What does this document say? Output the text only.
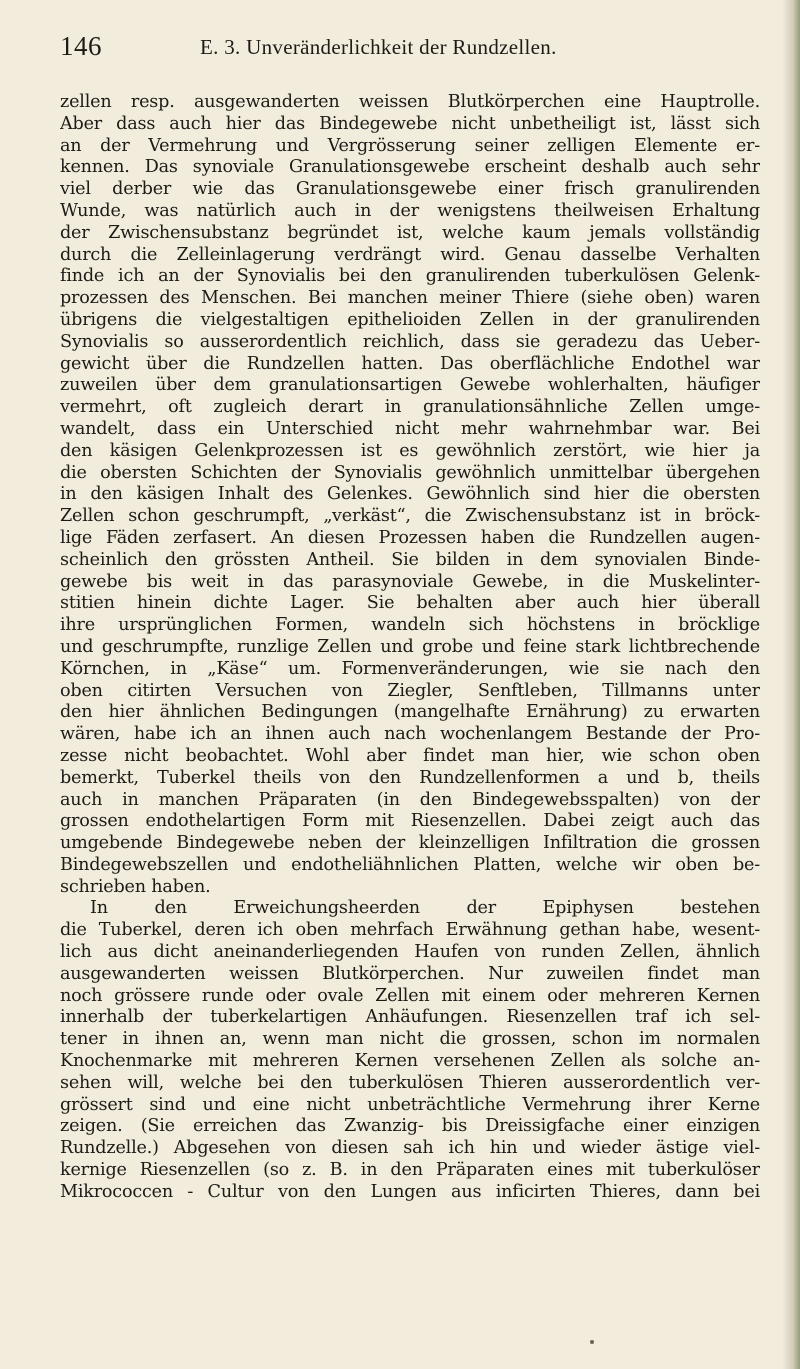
146	E. 3. Unveränderlichkeit der Rundzellen.
zellen resp. ausgewanderten weissen Blutkörperchen eine Hauptrolle.
Aber dass auch hier das Bindegewebe nicht unbetheiligt ist, lässt sich
an der Vermehrung und Vergrösserung seiner zelligen Elemente er-
kennen. Das synoviale Granulationsgewebe erscheint deshalb auch sehr
viel derber wie das Granulationsgewebe einer frisch granulirenden
Wunde, was natürlich auch in der wenigstens theilweisen Erhaltung
der Zwischensubstanz begründet ist, welche kaum jemals vollständig
durch die Zelleinlagerung verdrängt wird. Genau dasselbe Verhalten
finde ich an der Synovialis bei den granulirenden tuberkulösen Gelenk-
prozessen des Menschen. Bei manchen meiner Thiere (siehe oben) waren
übrigens die vielgestaltigen epithelioiden Zellen in der granulirenden
Synovialis so ausserordentlich reichlich, dass sie geradezu das Ueber-
gewicht über die Rundzellen hatten. Das oberflächliche Endothel war
zuweilen über dem granulationsartigen Gewebe wohlerhalten, häufiger
vermehrt, oft zugleich derart in granulationsähnliche Zellen umge-
wandelt, dass ein Unterschied nicht mehr wahrnehmbar war. Bei
den käsigen Gelenkprozessen ist es gewöhnlich zerstört, wie hier ja
die obersten Schichten der Synovialis gewöhnlich unmittelbar übergehen
in den käsigen Inhalt des Gelenkes. Gewöhnlich sind hier die obersten
Zellen schon geschrumpft, „verkäst“, die Zwischensubstanz ist in bröck-
lige Fäden zerfasert. An diesen Prozessen haben die Rundzellen augen-
scheinlich den grössten Antheil. Sie bilden in dem synovialen Binde-
gewebe bis weit in das parasynoviale Gewebe, in die Muskelinter-
stitien hinein dichte Lager. Sie behalten aber auch hier überall
ihre ursprünglichen Formen, wandeln sich höchstens in bröcklige
und geschrumpfte, runzlige Zellen und grobe und feine stark lichtbrechende
Körnchen, in „Käse“ um. Formenveränderungen, wie sie nach den
oben citirten Versuchen von Ziegler, Senftleben, Tillmanns unter
den hier ähnlichen Bedingungen (mangelhafte Ernährung) zu erwarten
wären, habe ich an ihnen auch nach wochenlangem Bestande der Pro-
zesse nicht beobachtet. Wohl aber findet man hier, wie schon oben
bemerkt, Tuberkel theils von den Rundzellenformen a und b, theils
auch in manchen Präparaten (in den Bindegewebsspalten) von der
grossen endothelartigen Form mit Riesenzellen. Dabei zeigt auch das
umgebende Bindegewebe neben der kleinzelligen Infiltration die grossen
Bindegewebszellen und endotheliähnlichen Platten, welche wir oben be-
schrieben haben.
In den Erweichungsheerden der Epiphysen bestehen
die Tuberkel, deren ich oben mehrfach Erwähnung gethan habe, wesent-
lich aus dicht aneinanderliegenden Haufen von runden Zellen, ähnlich
ausgewanderten weissen Blutkörperchen. Nur zuweilen findet man
noch grössere runde oder ovale Zellen mit einem oder mehreren Kernen
innerhalb der tuberkelartigen Anhäufungen. Riesenzellen traf ich sel-
tener in ihnen an, wenn man nicht die grossen, schon im normalen
Knochenmarke mit mehreren Kernen versehenen Zellen als solche an-
sehen will, welche bei den tuberkulösen Thieren ausserordentlich ver-
grössert sind und eine nicht unbeträchtliche Vermehrung ihrer Kerne
zeigen. (Sie erreichen das Zwanzig- bis Dreissigfache einer einzigen
Rundzelle.) Abgesehen von diesen sah ich hin und wieder ästige viel-
kernige Riesenzellen (so z. B. in den Präparaten eines mit tuberkulöser
Mikrococcen - Cultur von den Lungen aus inficirten Thieres, dann bei
